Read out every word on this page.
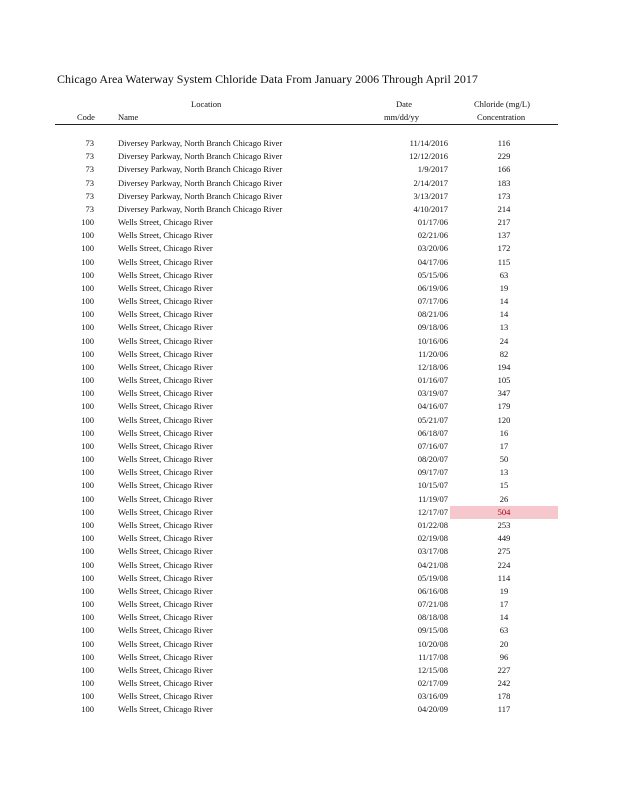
Chicago Area Waterway System Chloride Data From January 2006 Through April 2017
Location
Code	Name
Date
mm/dd/yy
Chloride (mg/L)
Concentration
73	Diversey Parkway, North Branch Chicago River	11/14/2016	116
73	Diversey Parkway, North Branch Chicago River	12/12/2016	229
73	Diversey Parkway, North Branch Chicago River	1/9/2017	166
73	Diversey Parkway, North Branch Chicago River	2/14/2017	183
73	Diversey Parkway, North Branch Chicago River	3/13/2017	173
73	Diversey Parkway, North Branch Chicago River	4/10/2017	214
100	Wells Street, Chicago River	01/17/06	217
100	Wells Street, Chicago River	02/21/06	137
100	Wells Street, Chicago River	03/20/06	172
100	Wells Street, Chicago River	04/17/06	115
100	Wells Street, Chicago River	05/15/06	63
100	Wells Street, Chicago River	06/19/06	19
100	Wells Street, Chicago River	07/17/06	14
100	Wells Street, Chicago River	08/21/06	14
100	Wells Street, Chicago River	09/18/06	13
100	Wells Street, Chicago River	10/16/06	24
100	Wells Street, Chicago River	11/20/06	82
100	Wells Street, Chicago River	12/18/06	194
100	Wells Street, Chicago River	01/16/07	105
100	Wells Street, Chicago River	03/19/07	347
100	Wells Street, Chicago River	04/16/07	179
100	Wells Street, Chicago River	05/21/07	120
100	Wells Street, Chicago River	06/18/07	16
100	Wells Street, Chicago River	07/16/07	17
100	Wells Street, Chicago River	08/20/07	50
100	Wells Street, Chicago River	09/17/07	13
100	Wells Street, Chicago River	10/15/07	15
100	Wells Street, Chicago River	11/19/07	26
100	Wells Street, Chicago River	12/17/07	504
100	Wells Street, Chicago River	01/22/08	253
100	Wells Street, Chicago River	02/19/08	449
100	Wells Street, Chicago River	03/17/08	275
100	Wells Street, Chicago River	04/21/08	224
100	Wells Street, Chicago River	05/19/08	114
100	Wells Street, Chicago River	06/16/08	19
100	Wells Street, Chicago River	07/21/08	17
100	Wells Street, Chicago River	08/18/08	14
100	Wells Street, Chicago River	09/15/08	63
100	Wells Street, Chicago River	10/20/08	20
100	Wells Street, Chicago River	11/17/08	96
100	Wells Street, Chicago River	12/15/08	227
100	Wells Street, Chicago River	02/17/09	242
100	Wells Street, Chicago River	03/16/09	178
100	Wells Street, Chicago River	04/20/09	117
